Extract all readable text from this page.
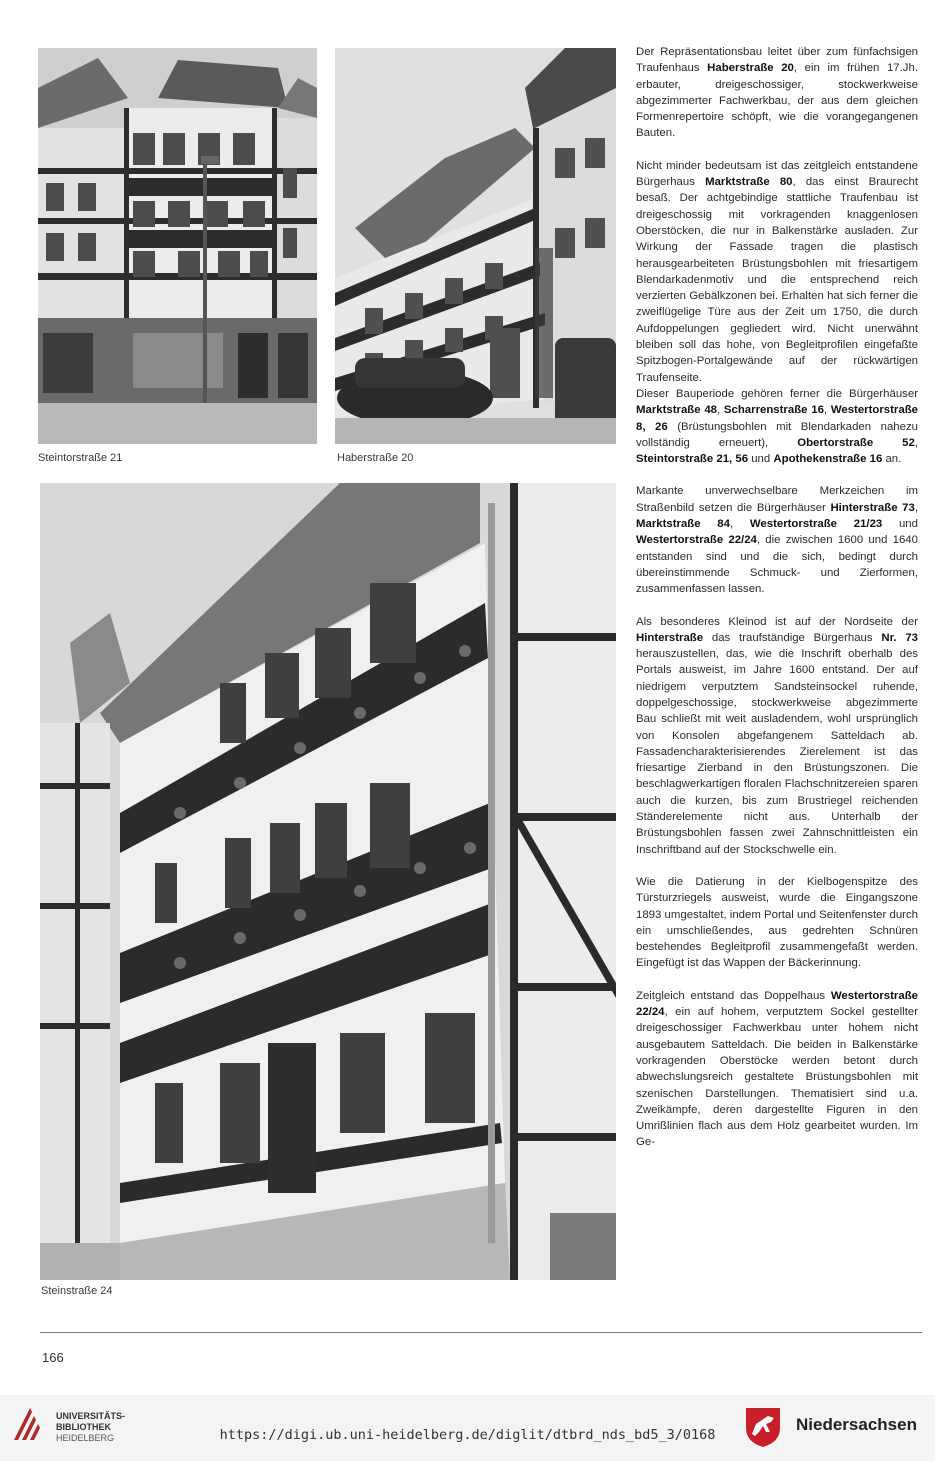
Steintorstraße 21	Haberstraße 20
Steinstraße 24

Der Repräsentationsbau leitet über zum fünfachsigen Traufenhaus Haberstraße 20, ein im frühen 17.Jh. erbauter, dreigeschossiger, stockwerkweise abgezimmerter Fachwerkbau, der aus dem gleichen Formenrepertoire schöpft, wie die vorangegangenen Bauten.

Nicht minder bedeutsam ist das zeitgleich entstandene Bürgerhaus Marktstraße 80, das einst Braurecht besaß. Der achtgebindige stattliche Traufenbau ist dreigeschossig mit vorkragenden knaggenlosen Oberstöcken, die nur in Balkenstärke ausladen. Zur Wirkung der Fassade tragen die plastisch herausgearbeiteten Brüstungsbohlen mit friesartigem Blendarkadenmotiv und die entsprechend reich verzierten Gebälkzonen bei. Erhalten hat sich ferner die zweiflügelige Türe aus der Zeit um 1750, die durch Aufdoppelungen gegliedert wird. Nicht unerwähnt bleiben soll das hohe, von Begleitprofilen eingefaßte Spitzbogen-Portalgewände auf der rückwärtigen Traufenseite.

Dieser Bauperiode gehören ferner die Bürgerhäuser Marktstraße 48, Scharrenstraße 16, Westertorstraße 8, 26 (Brüstungsbohlen mit Blendarkaden nahezu vollständig erneuert), Obertorstraße 52, Steintorstraße 21, 56 und Apothekenstraße 16 an.

Markante unverwechselbare Merkzeichen im Straßenbild setzen die Bürgerhäuser Hinterstraße 73, Marktstraße 84, Westertorstraße 21/23 und Westertorstraße 22/24, die zwischen 1600 und 1640 entstanden sind und die sich, bedingt durch übereinstimmende Schmuck- und Zierformen, zusammenfassen lassen.

Als besonderes Kleinod ist auf der Nordseite der Hinterstraße das traufständige Bürgerhaus Nr. 73 herauszustellen, das, wie die Inschrift oberhalb des Portals ausweist, im Jahre 1600 entstand. Der auf niedrigem verputztem Sandsteinsockel ruhende, doppelgeschossige, stockwerkweise abgezimmerte Bau schließt mit weit ausladendem, wohl ursprünglich von Konsolen abgefangenem Satteldach ab. Fassadencharakterisierendes Zierelement ist das friesartige Zierband in den Brüstungszonen. Die beschlagwerkartigen floralen Flachschnitzereien sparen auch die kurzen, bis zum Brustriegel reichenden Ständerelemente nicht aus. Unterhalb der Brüstungsbohlen fassen zwei Zahnschnittleisten ein Inschriftband auf der Stockschwelle ein.

Wie die Datierung in der Kielbogenspitze des Türsturzriegels ausweist, wurde die Eingangszone 1893 umgestaltet, indem Portal und Seitenfenster durch ein umschließendes, aus gedrehten Schnüren bestehendes Begleitprofil zusammengefaßt werden. Eingefügt ist das Wappen der Bäckerinnung.

Zeitgleich entstand das Doppelhaus Westertorstraße 22/24, ein auf hohem, verputztem Sockel gestellter dreigeschossiger Fachwerkbau unter hohem nicht ausgebautem Satteldach. Die beiden in Balkenstärke vorkragenden Oberstöcke werden betont durch abwechslungsreich gestaltete Brüstungsbohlen mit szenischen Darstellungen. Thematisiert sind u.a. Zweikämpfe, deren dargestellte Figuren in den Umrißlinien flach aus dem Holz gearbeitet wurden. Im Ge-

166
UNIVERSITÄTS-
BIBLIOTHEK
HEIDELBERG	https://digi.ub.uni-heidelberg.de/diglit/dtbrd_nds_bd5_3/0168
Niedersachsen
